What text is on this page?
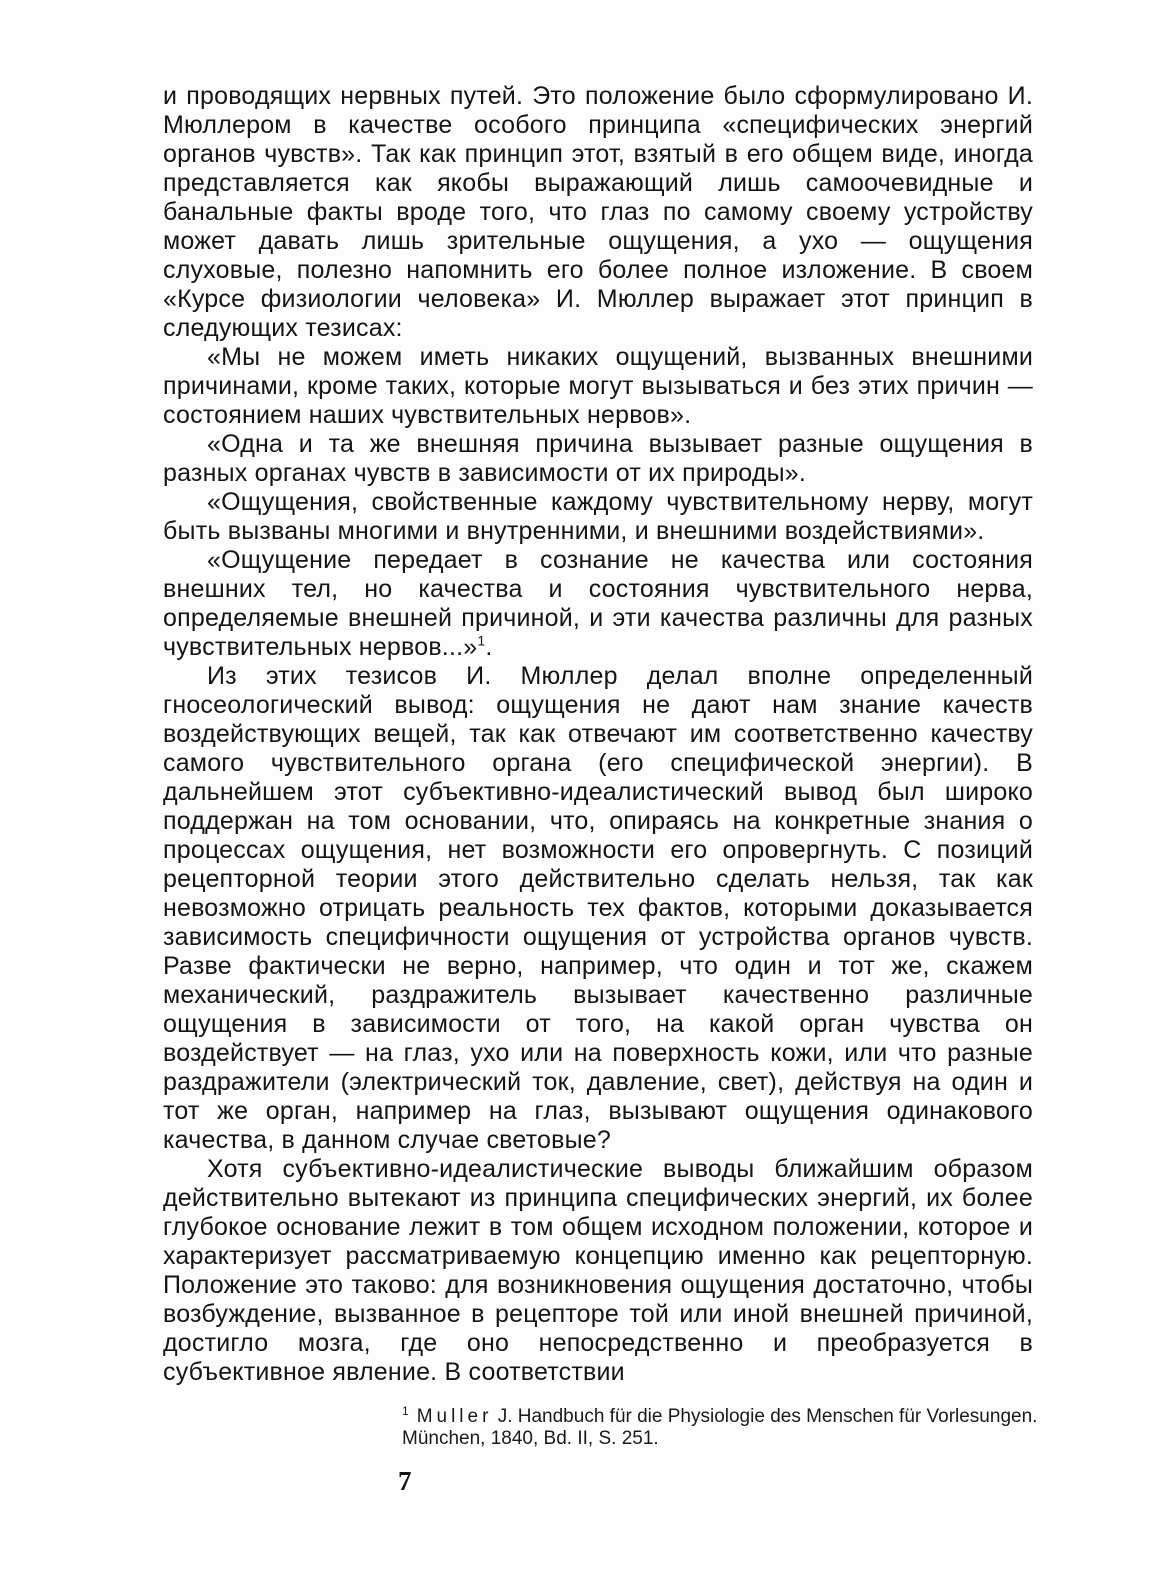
и проводящих нервных путей. Это положение было сформулировано И. Мюллером в качестве особого принципа «специфических энергий органов чувств». Так как принцип этот, взятый в его общем виде, иногда представляется как якобы выражающий лишь самоочевидные и банальные факты вроде того, что глаз по самому своему устройству может давать лишь зрительные ощущения, а ухо — ощущения слуховые, полезно напомнить его более полное изложение. В своем «Курсе физиологии человека» И. Мюллер выражает этот принцип в следующих тезисах:

«Мы не можем иметь никаких ощущений, вызванных внешними причинами, кроме таких, которые могут вызываться и без этих причин — состоянием наших чувствительных нервов».

«Одна и та же внешняя причина вызывает разные ощущения в разных органах чувств в зависимости от их природы».

«Ощущения, свойственные каждому чувствительному нерву, могут быть вызваны многими и внутренними, и внешними воздействиями».

«Ощущение передает в сознание не качества или состояния внешних тел, но качества и состояния чувствительного нерва, определяемые внешней причиной, и эти качества различны для разных чувствительных нервов...»$^1$.

Из этих тезисов И. Мюллер делал вполне определенный гносеологический вывод: ощущения не дают нам знание качеств воздействующих вещей, так как отвечают им соответственно качеству самого чувствительного органа (его специфической энергии). В дальнейшем этот субъективно-идеалистический вывод был широко поддержан на том основании, что, опираясь на конкретные знания о процессах ощущения, нет возможности его опровергнуть. С позиций рецепторной теории этого действительно сделать нельзя, так как невозможно отрицать реальность тех фактов, которыми доказывается зависимость специфичности ощущения от устройства органов чувств. Разве фактически не верно, например, что один и тот же, скажем механический, раздражитель вызывает качественно различные ощущения в зависимости от того, на какой орган чувства он воздействует — на глаз, ухо или на поверхность кожи, или что разные раздражители (электрический ток, давление, свет), действуя на один и тот же орган, например на глаз, вызывают ощущения одинакового качества, в данном случае световые?

Хотя субъективно-идеалистические выводы ближайшим образом действительно вытекают из принципа специфических энергий, их более глубокое основание лежит в том общем исходном положении, которое и характеризует рассматриваемую концепцию именно как рецепторную. Положение это таково: для возникновения ощущения достаточно, чтобы возбуждение, вызванное в рецепторе той или иной внешней причиной, достигло мозга, где оно непосредственно и преобразуется в субъективное явление. В соответствии

$^1$ Muller J. Handbuch für die Physiologie des Menschen für Vorlesungen. München, 1840, Bd. II, S. 251.
7
